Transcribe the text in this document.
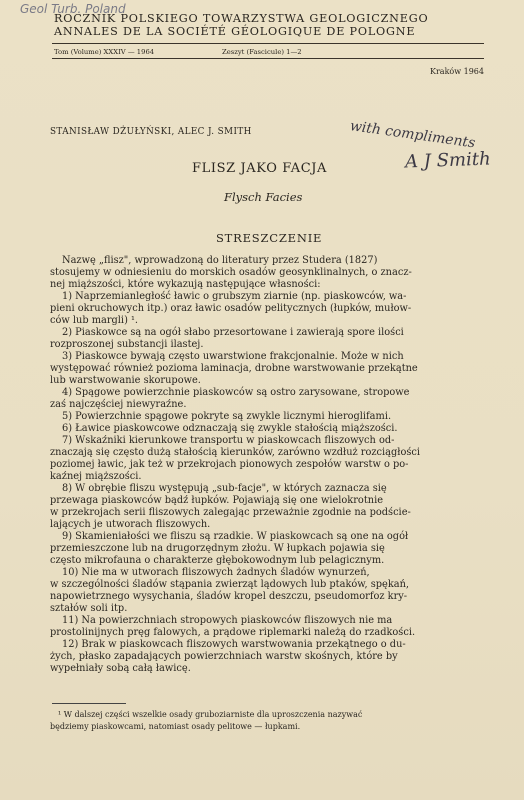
Geol Turb. Poland
ROCZNIK POLSKIEGO TOWARZYSTWA GEOLOGICZNEGO
ANNALES DE LA SOCIÉTÉ GÉOLOGIQUE DE POLOGNE
Tom (Volume) XXXIV — 1964	Zeszyt (Fascicule) 1—2
Kraków 1964
STANISŁAW DŻUŁYŃSKI, ALEC J. SMITH	with compliments
A J Smith
FLISZ JAKO FACJA
Flysch Facies
STRESZCZENIE
Nazwę „flisz", wprowadzoną do literatury przez Studera (1827)
stosujemy w odniesieniu do morskich osadów geosynklinalnych, o znacz-
nej miąższości, które wykazują następujące własności:
1) Naprzemianległość ławic o grubszym ziarnie (np. piaskowców, wa-
pieni okruchowych itp.) oraz ławic osadów pelitycznych (łupków, mułow-
ców lub margli) ¹.
2) Piaskowce są na ogół słabo przesortowane i zawierają spore ilości
rozproszonej substancji ilastej.
3) Piaskowce bywają często uwarstwione frakcjonalnie. Może w nich
występować również pozioma laminacja, drobne warstwowanie przekątne
lub warstwowanie skorupowe.
4) Spągowe powierzchnie piaskowców są ostro zarysowane, stropowe
zaś najczęściej niewyraźne.
5) Powierzchnie spągowe pokryte są zwykle licznymi hieroglifami.
6) Ławice piaskowcowe odznaczają się zwykle stałością miąższości.
7) Wskaźniki kierunkowe transportu w piaskowcach fliszowych od-
znaczają się często dużą stałością kierunków, zarówno wzdłuż rozciągłości
poziomej ławic, jak też w przekrojach pionowych zespołów warstw o po-
kaźnej miąższości.
8) W obrębie fliszu występują „sub-facje", w których zaznacza się
przewaga piaskowców bądź łupków. Pojawiają się one wielokrotnie
w przekrojach serii fliszowych zalegając przeważnie zgodnie na podście-
lających je utworach fliszowych.
9) Skamieniałości we fliszu są rzadkie. W piaskowcach są one na ogół
przemieszczone lub na drugorzędnym złożu. W łupkach pojawia się
często mikrofauna o charakterze głębokowodnym lub pelagicznym.
10) Nie ma w utworach fliszowych żadnych śladów wynurzeń,
w szczególności śladów stąpania zwierząt lądowych lub ptaków, spękań,
napowietrznego wysychania, śladów kropel deszczu, pseudomorfoz kry-
ształów soli itp.
11) Na powierzchniach stropowych piaskowców fliszowych nie ma
prostolinijnych pręg falowych, a prądowe riplemarki należą do rzadkości.
12) Brak w piaskowcach fliszowych warstwowania przekątnego o du-
żych, płasko zapadających powierzchniach warstw skośnych, które by
wypełniały sobą całą ławicę.
¹ W dalszej części wszelkie osady gruboziarniste dla uproszczenia nazywać
będziemy piaskowcami, natomiast osady pelitowe — łupkami.
